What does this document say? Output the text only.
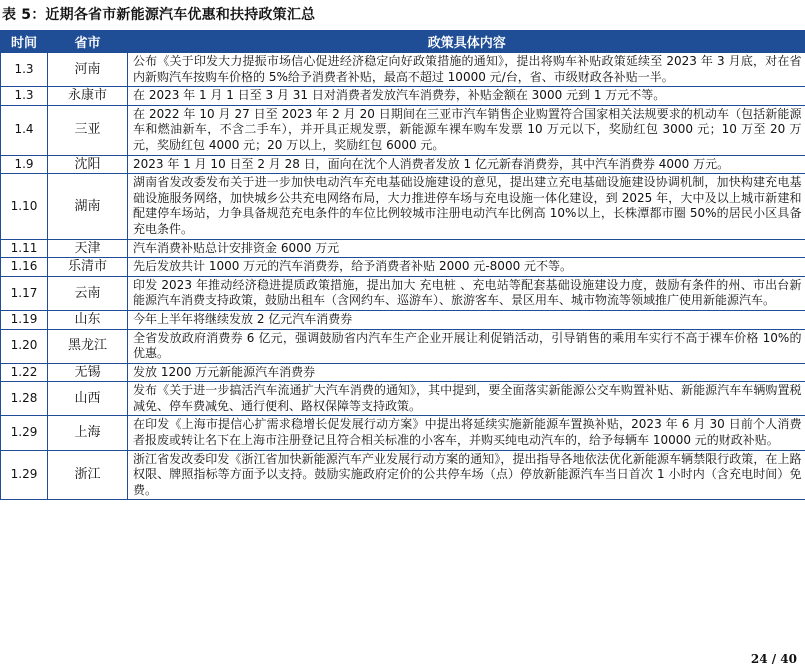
表 5：近期各省市新能源汽车优惠和扶持政策汇总
时间	省市	政策具体内容
1.3	河南	公布《关于印发大力提振市场信心促进经济稳定向好政策措施的通知》，提出将购车补贴政策延续至 2023 年 3 月底，对在省内新购汽车按购车价格的 5%给予消费者补贴，最高不超过 10000 元/台，省、市级财政各补贴一半。
1.3	永康市	在 2023 年 1 月 1 日至 3 月 31 日对消费者发放汽车消费券，补贴金额在 3000 元到 1 万元不等。
1.4	三亚	在 2022 年 10 月 27 日至 2023 年 2 月 20 日期间在三亚市汽车销售企业购置符合国家相关法规要求的机动车（包括新能源车和燃油新车，不含二手车），并开具正规发票，新能源车裸车购车发票 10 万元以下，奖励红包 3000 元；10 万至 20 万元，奖励红包 4000 元；20 万以上，奖励红包 6000 元。
1.9	沈阳	2023 年 1 月 10 日至 2 月 28 日，面向在沈个人消费者发放 1 亿元新春消费券，其中汽车消费券 4000 万元。
1.10	湖南	湖南省发改委发布关于进一步加快电动汽车充电基础设施建设的意见，提出建立充电基础设施建设协调机制，加快构建充电基础设施服务网络，加快城乡公共充电网络布局，大力推进停车场与充电设施一体化建设，到 2025 年，大中及以上城市新建和配建停车场站，力争具备规范充电条件的车位比例较城市注册电动汽车比例高 10%以上，长株潭都市圈 50%的居民小区具备充电条件。
1.11	天津	汽车消费补贴总计安排资金 6000 万元
1.16	乐清市	先后发放共计 1000 万元的汽车消费券，给予消费者补贴 2000 元-8000 元不等。
1.17	云南	印发 2023 年推动经济稳进提质政策措施，提出加大 充电桩 、充电站等配套基础设施建设力度，鼓励有条件的州、市出台新能源汽车消费支持政策，鼓励出租车（含网约车、巡游车）、旅游客车、景区用车、城市物流等领域推广使用新能源汽车。
1.19	山东	今年上半年将继续发放 2 亿元汽车消费券
1.20	黑龙江	全省发放政府消费券 6 亿元，强调鼓励省内汽车生产企业开展让利促销活动，引导销售的乘用车实行不高于裸车价格 10%的优惠。
1.22	无锡	发放 1200 万元新能源汽车消费券
1.28	山西	发布《关于进一步搞活汽车流通扩大汽车消费的通知》，其中提到，要全面落实新能源公交车购置补贴、新能源汽车车辆购置税减免、停车费减免、通行便利、路权保障等支持政策。
1.29	上海	在印发《上海市提信心扩需求稳增长促发展行动方案》中提出将延续实施新能源车置换补贴，2023 年 6 月 30 日前个人消费者报废或转让名下在上海市注册登记且符合相关标准的小客车，并购买纯电动汽车的，给予每辆车 10000 元的财政补贴。
1.29	浙江	浙江省发改委印发《浙江省加快新能源汽车产业发展行动方案的通知》，提出指导各地依法优化新能源车辆禁限行政策，在上路权限、牌照指标等方面予以支持。鼓励实施政府定价的公共停车场（点）停放新能源汽车当日首次 1 小时内（含充电时间）免费。
24 / 40
